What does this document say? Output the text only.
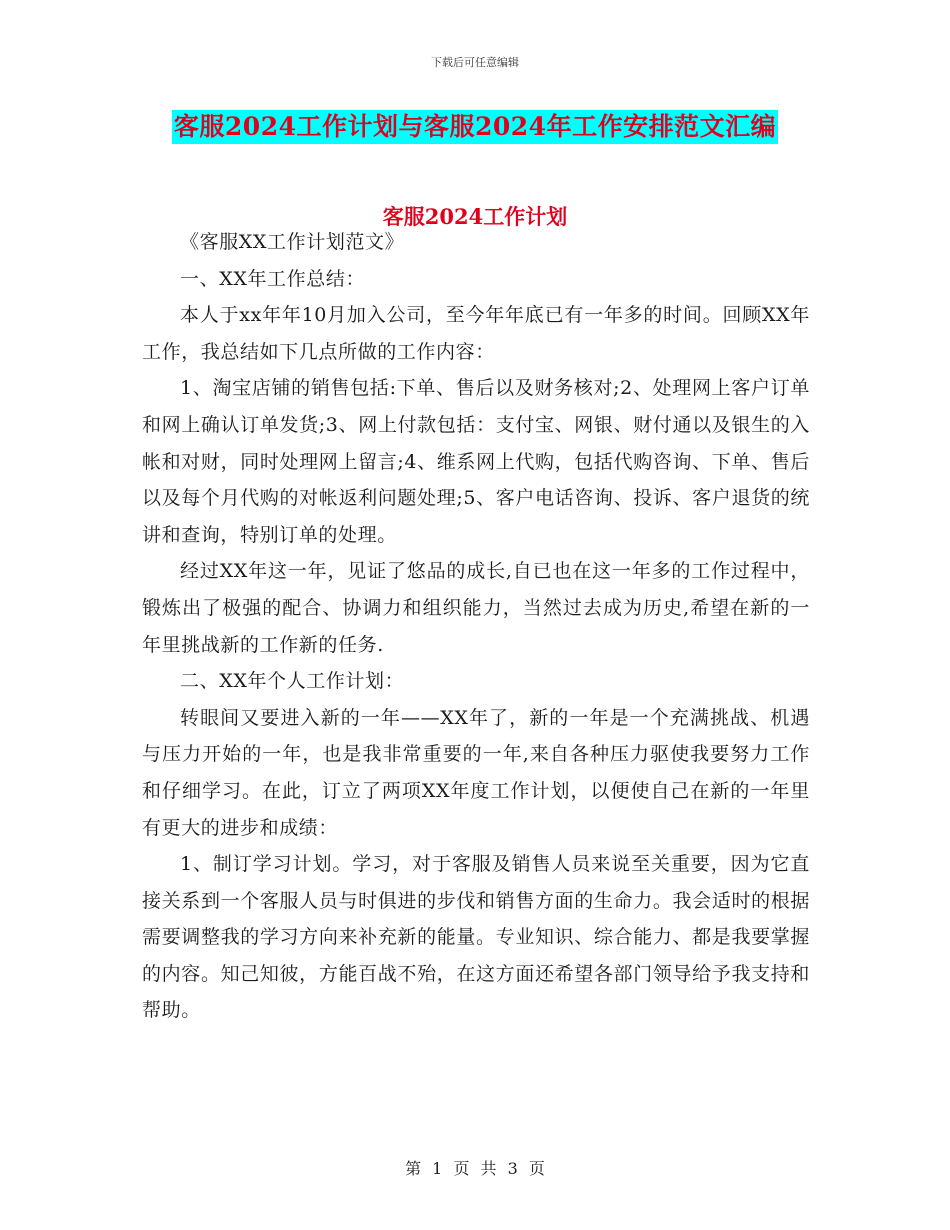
下载后可任意编辑
客服2024工作计划与客服2024年工作安排范文汇编
客服2024工作计划

《客服XX工作计划范文》

一、XX年工作总结：

本人于xx年年10月加入公司，至今年年底已有一年多的时间。回顾XX年工作，我总结如下几点所做的工作内容：

1、淘宝店铺的销售包括:下单、售后以及财务核对;2、处理网上客户订单和网上确认订单发货;3、网上付款包括：支付宝、网银、财付通以及银生的入帐和对财，同时处理网上留言;4、维系网上代购，包括代购咨询、下单、售后以及每个月代购的对帐返利问题处理;5、客户电话咨询、投诉、客户退货的统讲和查询，特别订单的处理。

经过XX年这一年，见证了悠品的成长,自已也在这一年多的工作过程中，锻炼出了极强的配合、协调力和组织能力，当然过去成为历史,希望在新的一年里挑战新的工作新的任务.

二、XX年个人工作计划：

转眼间又要进入新的一年——XX年了，新的一年是一个充满挑战、机遇与压力开始的一年，也是我非常重要的一年,来自各种压力驱使我要努力工作和仔细学习。在此，订立了两项XX年度工作计划，以便使自己在新的一年里有更大的进步和成绩：

1、制订学习计划。学习，对于客服及销售人员来说至关重要，因为它直接关系到一个客服人员与时俱进的步伐和销售方面的生命力。我会适时的根据需要调整我的学习方向来补充新的能量。专业知识、综合能力、都是我要掌握的内容。知己知彼，方能百战不殆，在这方面还希望各部门领导给予我支持和帮助。

第 1 页 共 3 页
